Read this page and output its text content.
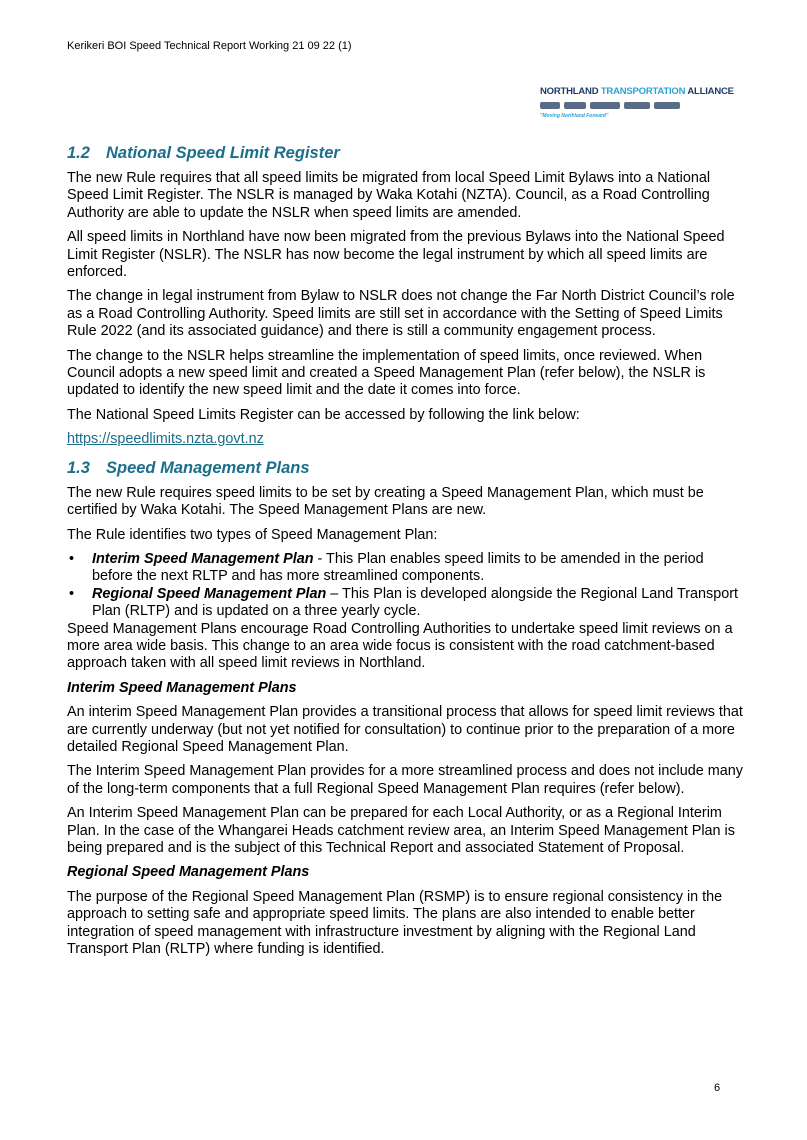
Kerikeri BOI Speed Technical Report Working 21 09 22 (1)
NORTHLAND TRANSPORTATION ALLIANCE
"Moving Northland Forward"
1.2 National Speed Limit Register

The new Rule requires that all speed limits be migrated from local Speed Limit Bylaws into a National Speed Limit Register. The NSLR is managed by Waka Kotahi (NZTA). Council, as a Road Controlling Authority are able to update the NSLR when speed limits are amended.

All speed limits in Northland have now been migrated from the previous Bylaws into the National Speed Limit Register (NSLR). The NSLR has now become the legal instrument by which all speed limits are enforced.

The change in legal instrument from Bylaw to NSLR does not change the Far North District Council’s role as a Road Controlling Authority. Speed limits are still set in accordance with the Setting of Speed Limits Rule 2022 (and its associated guidance) and there is still a community engagement process.

The change to the NSLR helps streamline the implementation of speed limits, once reviewed. When Council adopts a new speed limit and created a Speed Management Plan (refer below), the NSLR is updated to identify the new speed limit and the date it comes into force.

The National Speed Limits Register can be accessed by following the link below:

https://speedlimits.nzta.govt.nz

1.3 Speed Management Plans

The new Rule requires speed limits to be set by creating a Speed Management Plan, which must be certified by Waka Kotahi. The Speed Management Plans are new.

The Rule identifies two types of Speed Management Plan:

• Interim Speed Management Plan - This Plan enables speed limits to be amended in the period before the next RLTP and has more streamlined components.
• Regional Speed Management Plan – This Plan is developed alongside the Regional Land Transport Plan (RLTP) and is updated on a three yearly cycle.

Speed Management Plans encourage Road Controlling Authorities to undertake speed limit reviews on a more area wide basis. This change to an area wide focus is consistent with the road catchment-based approach taken with all speed limit reviews in Northland.

Interim Speed Management Plans

An interim Speed Management Plan provides a transitional process that allows for speed limit reviews that are currently underway (but not yet notified for consultation) to continue prior to the preparation of a more detailed Regional Speed Management Plan.

The Interim Speed Management Plan provides for a more streamlined process and does not include many of the long-term components that a full Regional Speed Management Plan requires (refer below).

An Interim Speed Management Plan can be prepared for each Local Authority, or as a Regional Interim Plan. In the case of the Whangarei Heads catchment review area, an Interim Speed Management Plan is being prepared and is the subject of this Technical Report and associated Statement of Proposal.

Regional Speed Management Plans

The purpose of the Regional Speed Management Plan (RSMP) is to ensure regional consistency in the approach to setting safe and appropriate speed limits. The plans are also intended to enable better integration of speed management with infrastructure investment by aligning with the Regional Land Transport Plan (RLTP) where funding is identified.

6
